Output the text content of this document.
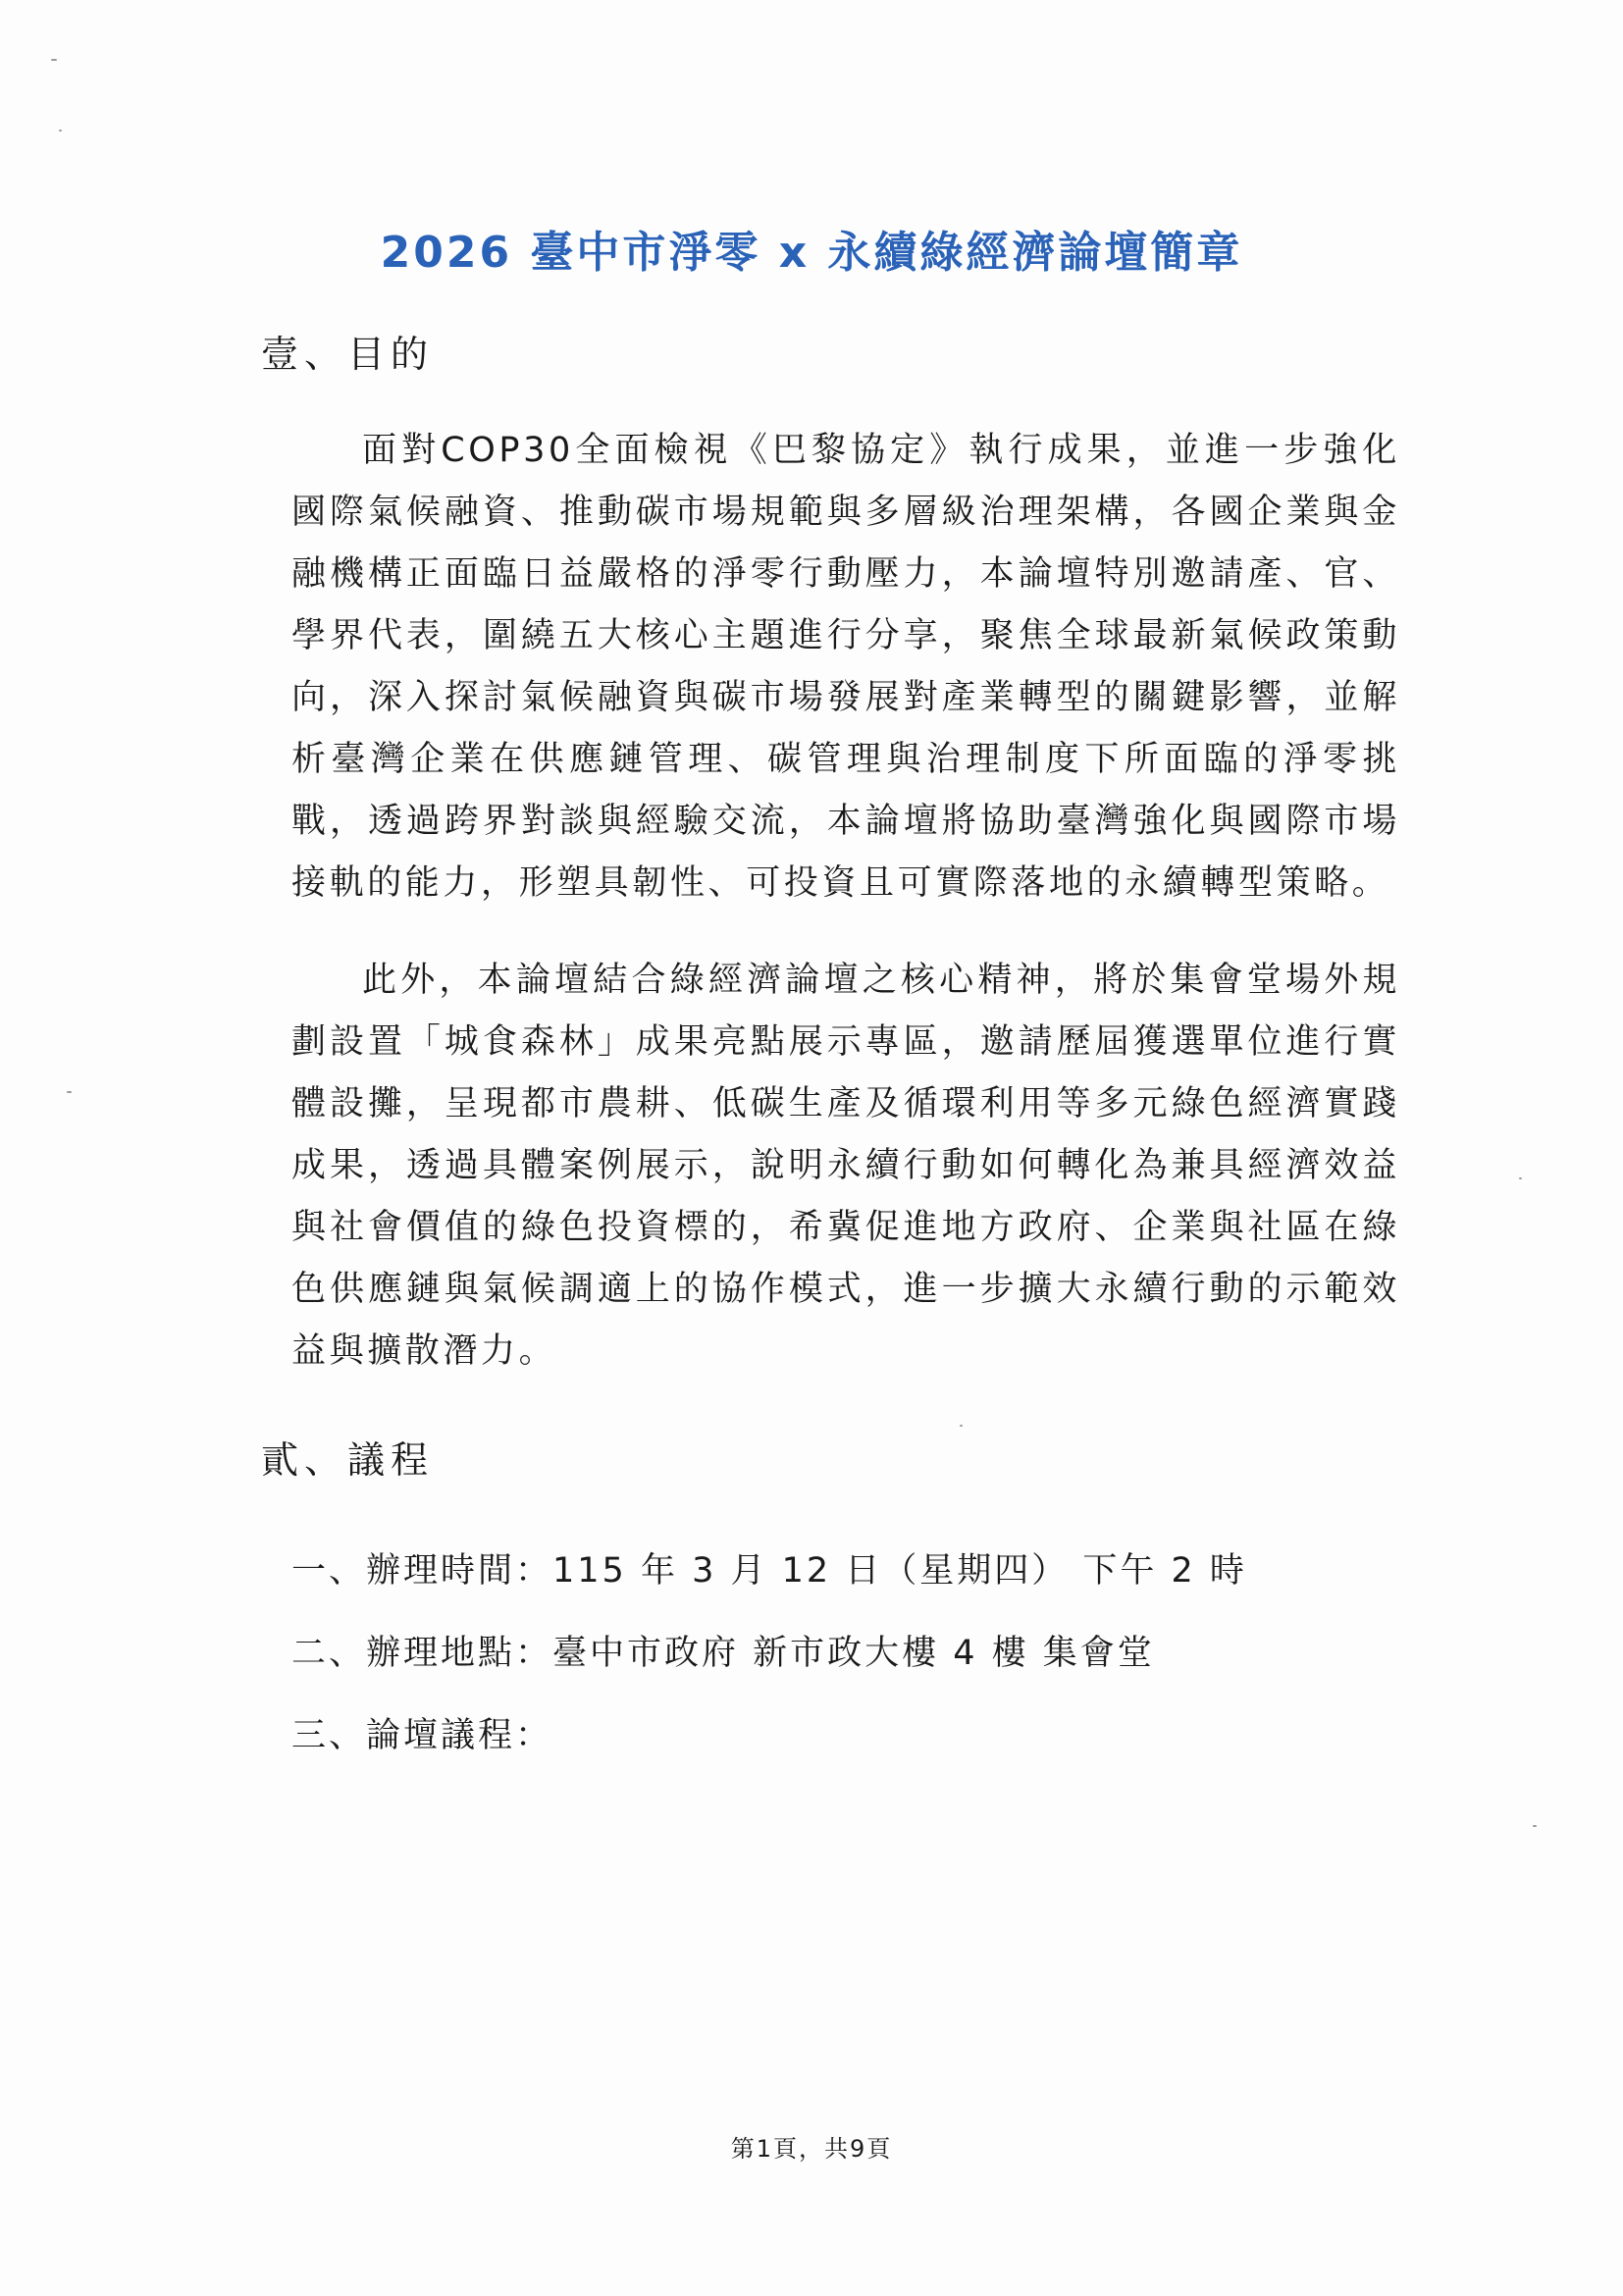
2026 臺中市淨零 x 永續綠經濟論壇簡章
壹、目的

面對COP30全面檢視《巴黎協定》執行成果，並進一步強化國際氣候融資、推動碳市場規範與多層級治理架構，各國企業與金融機構正面臨日益嚴格的淨零行動壓力，本論壇特別邀請產、官、學界代表，圍繞五大核心主題進行分享，聚焦全球最新氣候政策動向，深入探討氣候融資與碳市場發展對產業轉型的關鍵影響，並解析臺灣企業在供應鏈管理、碳管理與治理制度下所面臨的淨零挑戰，透過跨界對談與經驗交流，本論壇將協助臺灣強化與國際市場接軌的能力，形塑具韌性、可投資且可實際落地的永續轉型策略。

此外，本論壇結合綠經濟論壇之核心精神，將於集會堂場外規劃設置「城食森林」成果亮點展示專區，邀請歷屆獲選單位進行實體設攤，呈現都市農耕、低碳生產及循環利用等多元綠色經濟實踐成果，透過具體案例展示，說明永續行動如何轉化為兼具經濟效益與社會價值的綠色投資標的，希冀促進地方政府、企業與社區在綠色供應鏈與氣候調適上的協作模式，進一步擴大永續行動的示範效益與擴散潛力。

貳、議程
一、辦理時間：115 年 3 月 12 日（星期四） 下午 2 時
二、辦理地點：臺中市政府 新市政大樓 4 樓 集會堂
三、論壇議程：
第1頁，共9頁
